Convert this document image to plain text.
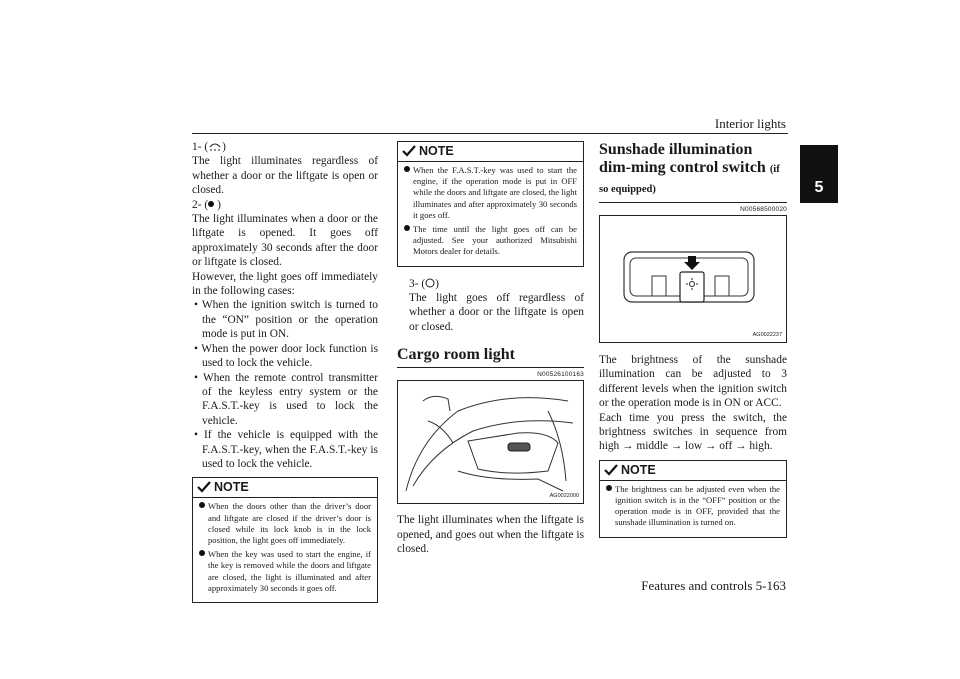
Interior lights
5

1- ( )

The light illuminates regardless of whether a door or the liftgate is open or closed.

2- ( )

The light illuminates when a door or the liftgate is opened. It goes off approximately 30 seconds after the door or liftgate is closed.

However, the light goes off immediately in the following cases:

• When the ignition switch is turned to the “ON” position or the operation mode is put in ON.

• When the power door lock function is used to lock the vehicle.

• When the remote control transmitter of the keyless entry system or the F.A.S.T.-key is used to lock the vehicle.

• If the vehicle is equipped with the F.A.S.T.-key, when the F.A.S.T.-key is used to lock the vehicle.

NOTE

When the doors other than the driver’s door and liftgate are closed if the driver’s door is closed while its lock knob is in the lock position, the light goes off immediately.

When the key was used to start the engine, if the key is removed while the doors and liftgate are closed, the light is illuminated and after approximately 30 seconds it goes off.

NOTE

When the F.A.S.T.-key was used to start the engine, if the operation mode is put in OFF while the doors and liftgate are closed, the light illuminates and after approximately 30 seconds it goes off.

The time until the light goes off can be adjusted. See your authorized Mitsubishi Motors dealer for details.

3- ( )

The light goes off regardless of whether a door or the liftgate is open or closed.

Cargo room light
N00526100163
AG0022000

The light illuminates when the liftgate is opened, and goes out when the liftgate is closed.

Sunshade illumination dim-ming control switch (if so equipped)
N00568500020
AG0022237

The brightness of the sunshade illumination can be adjusted to 3 different levels when the ignition switch or the operation mode is in ON or ACC.

Each time you press the switch, the brightness switches in sequence from high → middle → low → off → high.

NOTE

The brightness can be adjusted even when the ignition switch is in the “OFF” position or the operation mode is in OFF, provided that the sunshade illumination is turned on.

Features and controls 5-163
